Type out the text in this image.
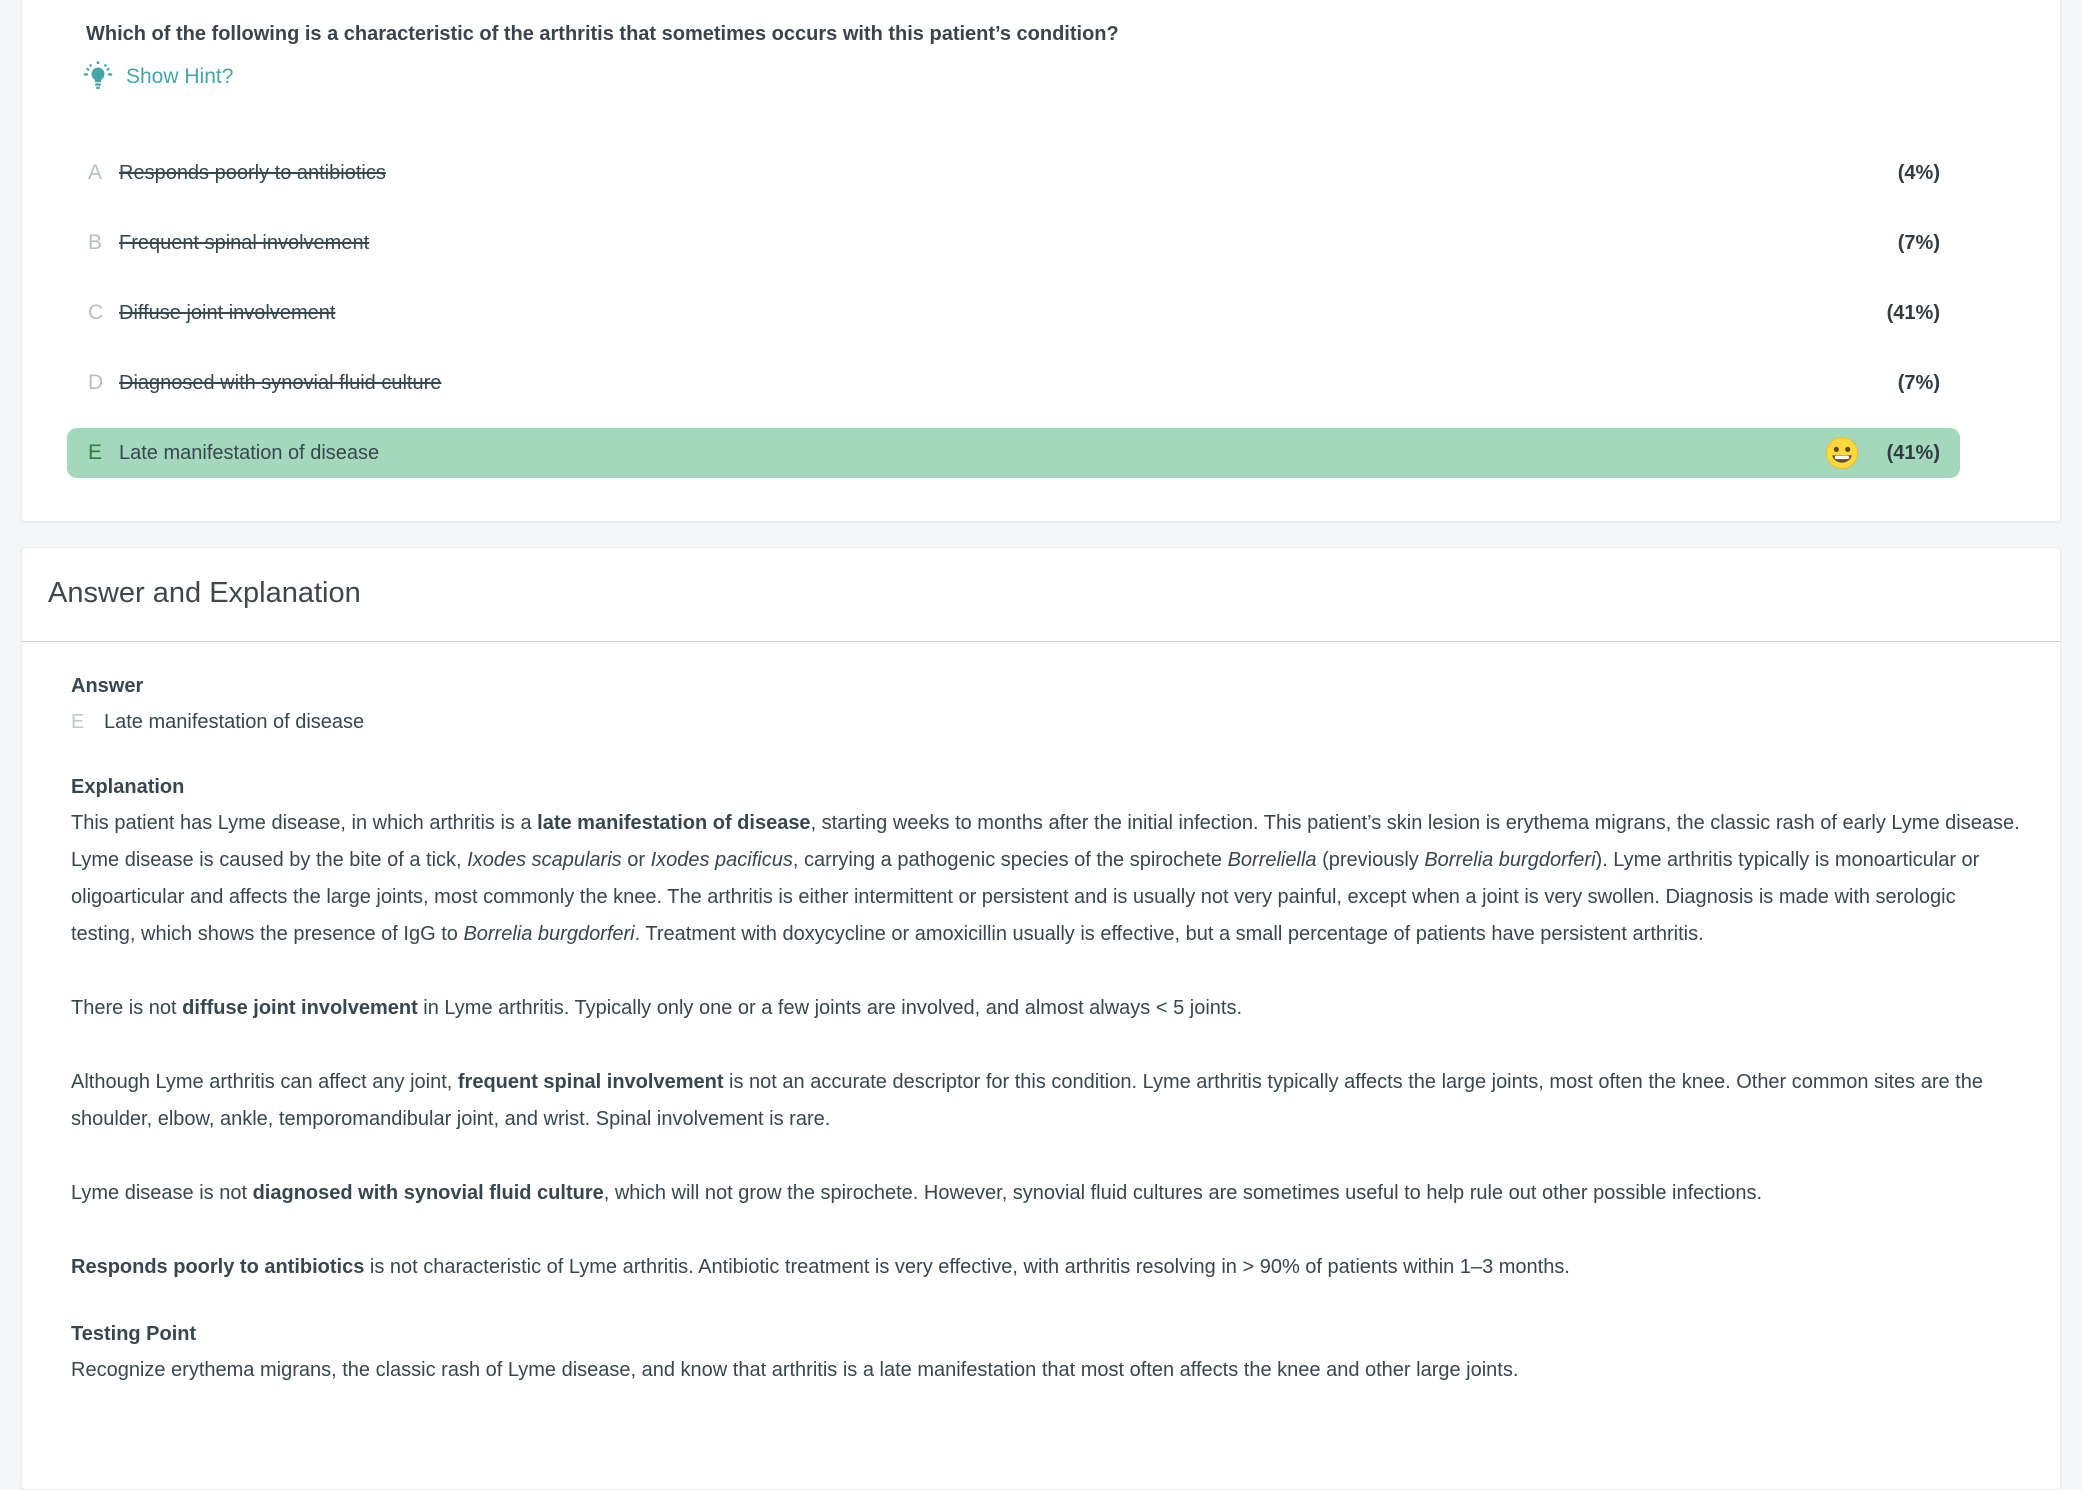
Which of the following is a characteristic of the arthritis that sometimes occurs with this patient’s condition?
Show Hint?
A Responds poorly to antibiotics	(4%)
B Frequent spinal involvement	(7%)
C Diffuse joint involvement	(41%)
D Diagnosed with synovial fluid culture	(7%)
E Late manifestation of disease	(41%)
Answer and Explanation
Answer
E Late manifestation of disease
Explanation

This patient has Lyme disease, in which arthritis is a late manifestation of disease, starting weeks to months after the initial infection. This patient’s skin lesion is erythema migrans, the classic rash of early Lyme disease. Lyme disease is caused by the bite of a tick, Ixodes scapularis or Ixodes pacificus, carrying a pathogenic species of the spirochete Borreliella (previously Borrelia burgdorferi). Lyme arthritis typically is monoarticular or oligoarticular and affects the large joints, most commonly the knee. The arthritis is either intermittent or persistent and is usually not very painful, except when a joint is very swollen. Diagnosis is made with serologic testing, which shows the presence of IgG to Borrelia burgdorferi. Treatment with doxycycline or amoxicillin usually is effective, but a small percentage of patients have persistent arthritis.

There is not diffuse joint involvement in Lyme arthritis. Typically only one or a few joints are involved, and almost always < 5 joints.

Although Lyme arthritis can affect any joint, frequent spinal involvement is not an accurate descriptor for this condition. Lyme arthritis typically affects the large joints, most often the knee. Other common sites are the shoulder, elbow, ankle, temporomandibular joint, and wrist. Spinal involvement is rare.

Lyme disease is not diagnosed with synovial fluid culture, which will not grow the spirochete. However, synovial fluid cultures are sometimes useful to help rule out other possible infections.

Responds poorly to antibiotics is not characteristic of Lyme arthritis. Antibiotic treatment is very effective, with arthritis resolving in > 90% of patients within 1–3 months.

Testing Point

Recognize erythema migrans, the classic rash of Lyme disease, and know that arthritis is a late manifestation that most often affects the knee and other large joints.
